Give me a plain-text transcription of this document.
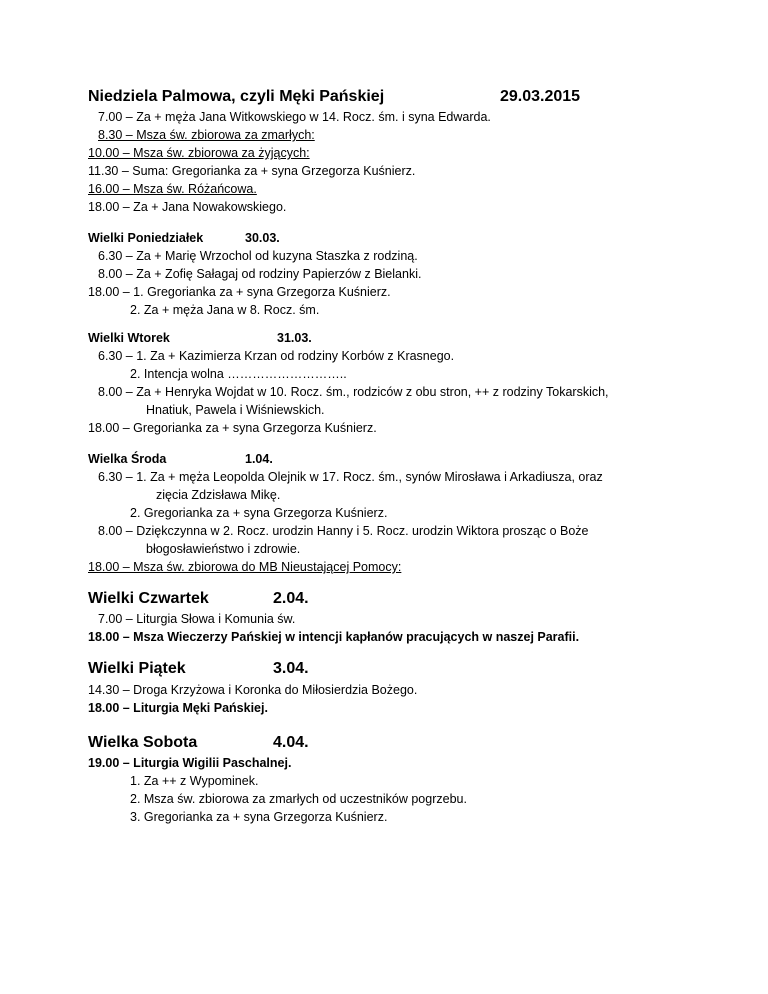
Niedziela Palmowa, czyli Męki Pańskiej	29.03.2015
7.00 – Za + męża Jana Witkowskiego w 14. Rocz. śm. i syna Edwarda.
8.30 – Msza św. zbiorowa za zmarłych:
10.00 – Msza św. zbiorowa za żyjących:
11.30 – Suma: Gregorianka za + syna Grzegorza Kuśnierz.
16.00 – Msza św. Różańcowa.
18.00 – Za + Jana Nowakowskiego.
Wielki Poniedziałek	30.03.
6.30 – Za + Marię Wrzochol od kuzyna Staszka z rodziną.
8.00 – Za + Zofię Sałagaj od rodziny Papierzów z Bielanki.
18.00 – 1. Gregorianka za + syna Grzegorza Kuśnierz.
2. Za + męża Jana w 8. Rocz. śm.
Wielki Wtorek	31.03.
6.30 – 1. Za + Kazimierza Krzan od rodziny Korbów z Krasnego.
2. Intencja wolna ………………………..
8.00 – Za + Henryka Wojdat w 10. Rocz. śm., rodziców z obu stron, ++ z rodziny Tokarskich,
Hnatiuk, Pawela i Wiśniewskich.
18.00 – Gregorianka za + syna Grzegorza Kuśnierz.
Wielka Środa	1.04.
6.30 – 1. Za + męża Leopolda Olejnik w 17. Rocz. śm., synów Mirosława i Arkadiusza, oraz
zięcia Zdzisława Mikę.
2. Gregorianka za + syna Grzegorza Kuśnierz.
8.00 – Dziękczynna w 2. Rocz. urodzin Hanny i 5. Rocz. urodzin Wiktora prosząc o Boże
błogosławieństwo i zdrowie.
18.00 – Msza św. zbiorowa do MB Nieustającej Pomocy:
Wielki Czwartek	2.04.
7.00 – Liturgia Słowa i Komunia św.
18.00 – Msza Wieczerzy Pańskiej w intencji kapłanów pracujących w naszej Parafii.
Wielki Piątek	3.04.
14.30 – Droga Krzyżowa i Koronka do Miłosierdzia Bożego.
18.00 – Liturgia Męki Pańskiej.
Wielka Sobota	4.04.
19.00 – Liturgia Wigilii Paschalnej.
1. Za ++ z Wypominek.
2. Msza św. zbiorowa za zmarłych od uczestników pogrzebu.
3. Gregorianka za + syna Grzegorza Kuśnierz.
